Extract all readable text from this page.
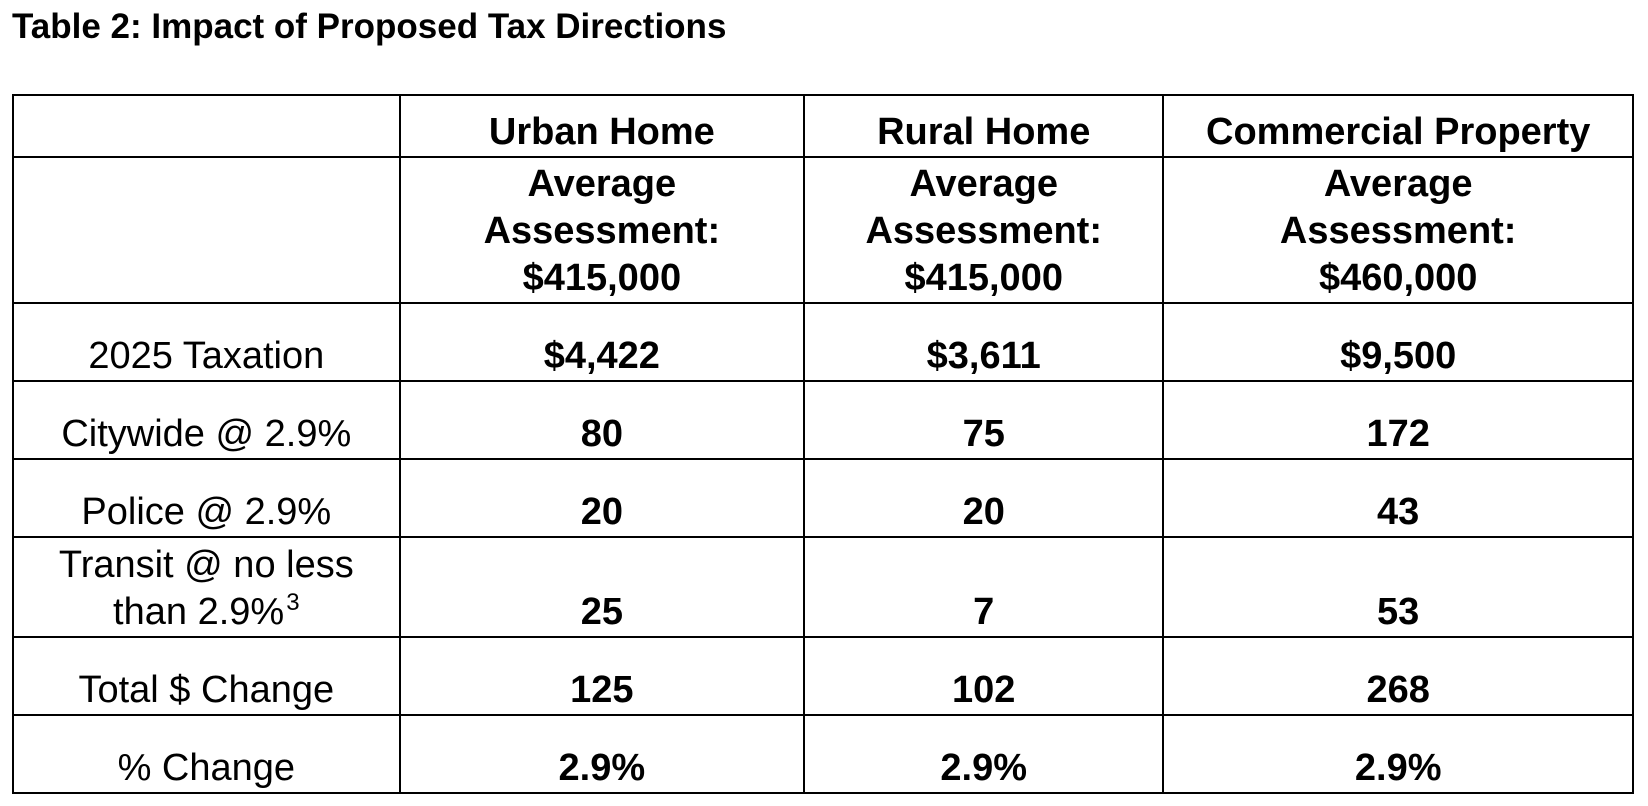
Table 2: Impact of Proposed Tax Directions
	Urban Home	Rural Home	Commercial Property

	Average
Assessment:
$415,000	Average
Assessment:
$415,000	Average
Assessment:
$460,000

2025 Taxation	$4,422	$3,611	$9,500
Citywide @ 2.9%	80	75	172
Police @ 2.9%	20	20	43

Transit @ no less
than 2.9%$^3$	25	7	53
Total $ Change	125	102	268
% Change	2.9%	2.9%	2.9%
